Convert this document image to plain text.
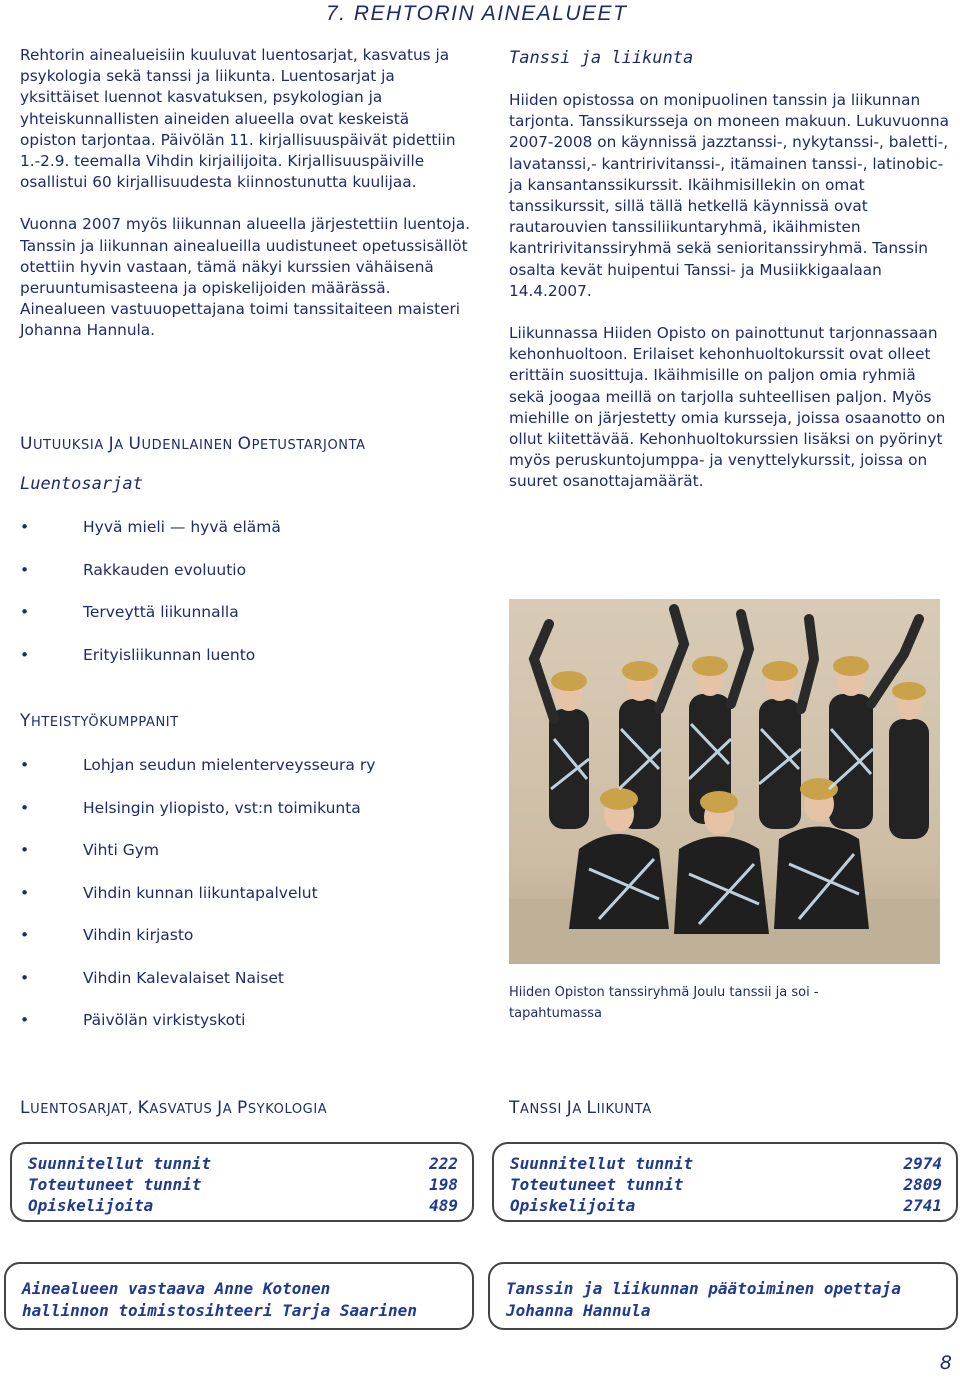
7. REHTORIN AINEALUEET

Rehtorin ainealueisiin kuuluvat luentosarjat, kasvatus ja psykologia sekä tanssi ja liikunta. Luentosarjat ja yksittäiset luennot kasvatuksen, psykologian ja yhteiskunnallisten aineiden alueella ovat keskeistä opiston tarjontaa. Päivölän 11. kirjallisuuspäivät pidettiin 1.-2.9. teemalla Vihdin kirjailijoita. Kirjallisuuspäiville osallistui 60 kirjallisuudesta kiinnostunutta kuulijaa.

Vuonna 2007 myös liikunnan alueella järjestettiin luentoja. Tanssin ja liikunnan ainealueilla uudistuneet opetussisällöt otettiin hyvin vastaan, tämä näkyi kurssien vähäisenä peruuntumisasteena ja opiskelijoiden määrässä. Ainealueen vastuuopettajana toimi tanssitaiteen maisteri Johanna Hannula.

UUTUUKSIA JA UUDENLAINEN OPETUSTARJONTA
Luentosarjat
•	Hyvä mieli — hyvä elämä
•	Rakkauden evoluutio
•	Terveyttä liikunnalla
•	Erityisliikunnan luento
YHTEISTYÖKUMPPANIT
•	Lohjan seudun mielenterveysseura ry
•	Helsingin yliopisto, vst:n toimikunta
•	Vihti Gym
•	Vihdin kunnan liikuntapalvelut
•	Vihdin kirjasto
•	Vihdin Kalevalaiset Naiset
•	Päivölän virkistyskoti
Tanssi ja liikunta

Hiiden opistossa on monipuolinen tanssin ja liikunnan tarjonta. Tanssikursseja on moneen makuun. Lukuvuonna 2007-2008 on käynnissä jazztanssi-, nykytanssi-, baletti-, lavatanssi,- kantririvitanssi-, itämainen tanssi-, latinobic- ja kansantanssikurssit. Ikäihmisillekin on omat tanssikurssit, sillä tällä hetkellä käynnissä ovat rautarouvien tanssiliikuntaryhmä, ikäihmisten kantririvitanssiryhmä sekä senioritanssiryhmä. Tanssin osalta kevät huipentui Tanssi- ja Musiikkigaalaan 14.4.2007.

Liikunnassa Hiiden Opisto on painottunut tarjonnassaan kehonhuoltoon. Erilaiset kehonhuoltokurssit ovat olleet erittäin suosittuja. Ikäihmisille on paljon omia ryhmiä sekä joogaa meillä on tarjolla suhteellisen paljon. Myös miehille on järjestetty omia kursseja, joissa osaanotto on ollut kiitettävää. Kehonhuoltokurssien lisäksi on pyörinyt myös peruskuntojumppa- ja venyttelykurssit, joissa on suuret osanottajamäärät.

Hiiden Opiston tanssiryhmä Joulu tanssii ja soi -tapahtumassa
LUENTOSARJAT, KASVATUS JA PSYKOLOGIA	TANSSI JA LIIKUNTA
Suunnitellut tunnit	222
Toteutuneet tunnit	198
Opiskelijoita	489
Suunnitellut tunnit	2974
Toteutuneet tunnit	2809
Opiskelijoita	2741
Ainealueen vastaava Anne Kotonen
hallinnon toimistosihteeri Tarja Saarinen
Tanssin ja liikunnan päätoiminen opettaja
Johanna Hannula
8
